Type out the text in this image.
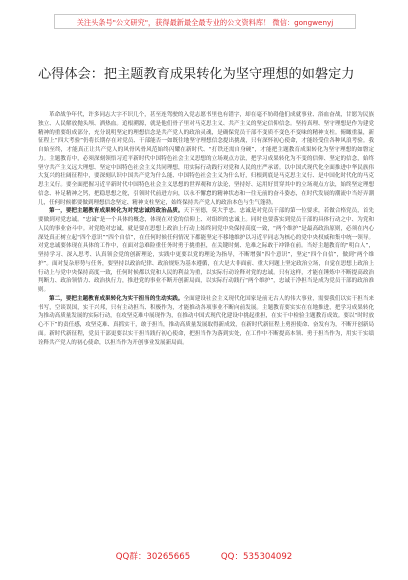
关注头条号"公文研究"，获得最新最全最专业的公文资料库！ 微信：gongwenyj
心得体会：把主题教育成果转化为坚守理想的如磐定力

革命战争年代，许多同志大字不识几个，甚至连驾驶的入党志愿书里也有错字，却在毫不妨碍他们成就事业、浴血奋战，甘愿为民族独立、人民解放抛头颅、洒热血。追根溯源，就是他们骨子里对马克思主义、共产主义的坚定信仰信念。坚持真理、坚守理想是作为建党精神的重要组成部分，充分说明坚定的理想信念是共产党人的政治灵魂，是确保党员干部不变质不变色不变味的精神支柱。俯瞰重温，新征程上“四大考验”仍将长期存在对党员、干部能否一如既往地坚守理想信念提出挑战，只有深怀初心使命，才能经受住各种风浪考验。我自始至终，才能真正让共产党人的风骨风骨风范始终闪耀在新时代、“打铁还需自身硬”，才能把主题教育成果转化为坚守理想的如磐定力。主题教育中，必须深刻领悟习近平新时代中国特色社会主义思想的立场观点方法，把学习成果转化为不变的信仰、坚定的信念，始终坚守共产主义远大理想、坚定中国特色社会主义共同理想，用实际行动践行对党和人民的庄严承诺。以中国式现代化全面推进中华民族伟大复兴的壮阔征程中，要深刻认识中国共产党为什么能、中国特色社会主义为什么好，归根到底是马克思主义行、是中国化时代化的马克思主义行。要全面把握习近平新时代中国特色社会主义思想的世界观和方法论，坚持好、运用好贯穿其中的立场观点方法，始终坚定理想信念、补足精神之钙，把稳思想之舵，引领时代前进方向，以永不懈怠的精神状态和一往无前的奋斗姿态，在时代发展的潮流中当好弄潮儿，任何时候都要做到理想信念坚定、精神支柱坚定，始终保持共产党人的政治本色与生气蓬勃。

第一，要把主题教育成果转化为对党忠诚的政治品质。天下至德，莫大乎忠。忠诚是对党员干部的第一位要求，若做合格党员，首先要做到对党忠诚。“忠诚”是一个具体的概念，体现在对党的信仰上、对组织的忠诚上。同时也要落实到党员干部的具体行动之中、为党和人民的事业奋斗中。对党绝对忠诚，就是要在思想上政治上行动上始终同党中央保持高度一致，“两个维护”是最高政治原则，必须在内心深处真正树立起“四个意识”“四个自信”，在任何时候任何情况下都能坚定不移地维护以习近平同志为核心的党中央权威和集中统一领导。对党忠诚要体现在具体的工作中，在面对急难险重任务时勇于挑重担，在关键时刻、危难之际敢于冲锋在前。当好主题教育的“明白人”，坚持学习、深入思考、认真领会党的创新理论，实践中更要以党的理论为指导，不断增强“四个意识”，坚定“四个自信”，做到“两个维护”。面对复杂形势与任务，要坚持以政治纪律、政治规矩为基本遵循，在大是大非面前、重大问题上坚定政治立场，自觉在思想上政治上行动上与党中央保持高度一致，任何时候都以党和人民的利益为重，以实际行动诠释对党的忠诚。只有这样，才能在锤炼中不断提高政治判断力、政治领悟力、政治执行力，推进党的事业不断开创新局面，以实际行动践行“两个维护”，忠诚干净担当是成为党员干部的政治准则。

第二，要把主题教育成果转化为实干担当的生动实践。全面建设社会主义现代化国家是前无古人的伟大事业，需要我们以实干担当来书写，空谈误国，实干兴邦，只有主动担当、积极作为，才能推动各项事业不断向前发展。主题教育要实实在在地推进，把学习成果转化为推动高质量发展的实际行动，在攻坚克难中展现作为，在推动中国式现代化建设中挑起重担，在实干中检验主题教育成效。要以“时时放心不下”的责任感，攻坚克难、真抓实干，敢于担当，推动高质量发展取得新成效，在新时代新征程上勇担使命、奋发有为，不断开创新局面。新时代新征程，党员干部更要以实干担当践行初心使命，把担当作为落到实处，在工作中不断提高本领、勇于担当作为，用实干实绩诠释共产党人的初心使命，以担当作为开创事业发展新局面。

QQ群：30265665	QQ：535304092
